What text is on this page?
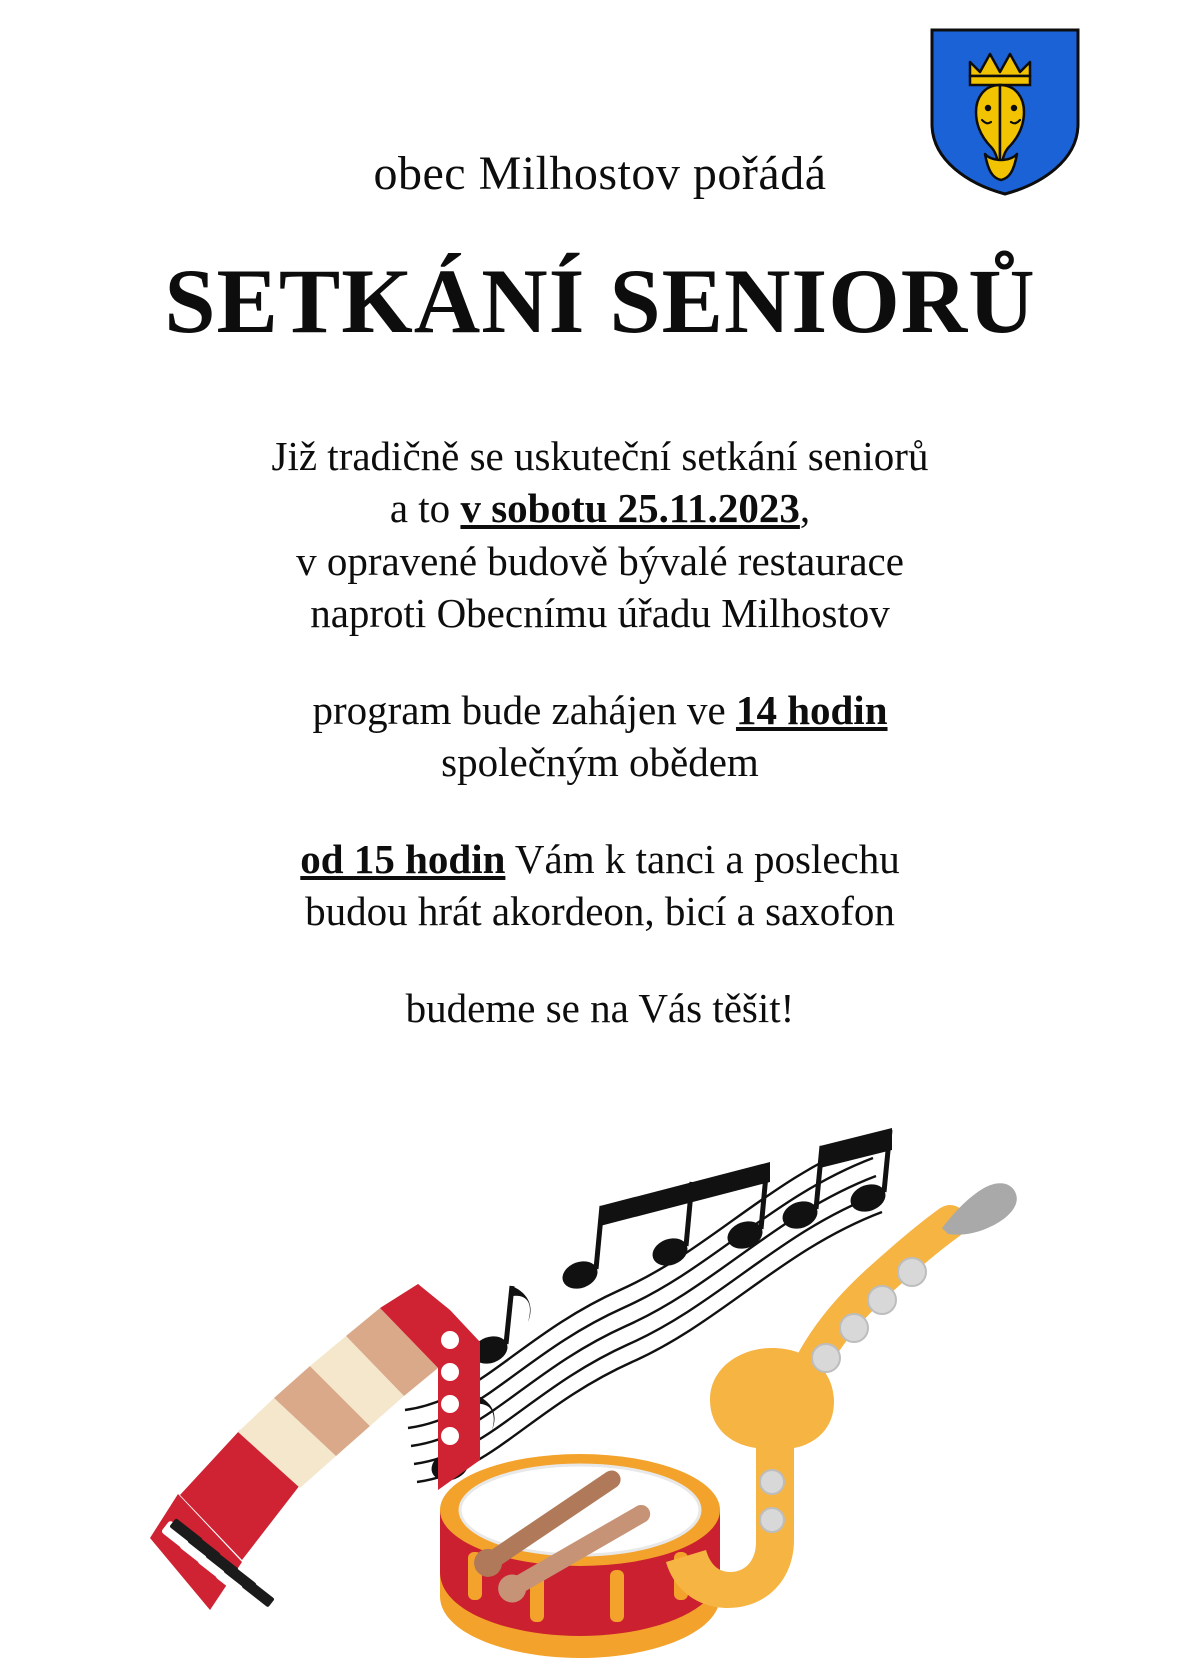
obec Milhostov pořádá
SETKÁNÍ SENIORŮ

Již tradičně se uskuteční setkání seniorů

a to v sobotu 25.11.2023,

v opravené budově bývalé restaurace

naproti Obecnímu úřadu Milhostov

program bude zahájen ve 14 hodin

společným obědem

od 15 hodin Vám k tanci a poslechu

budou hrát akordeon, bicí a saxofon

budeme se na Vás těšit!
